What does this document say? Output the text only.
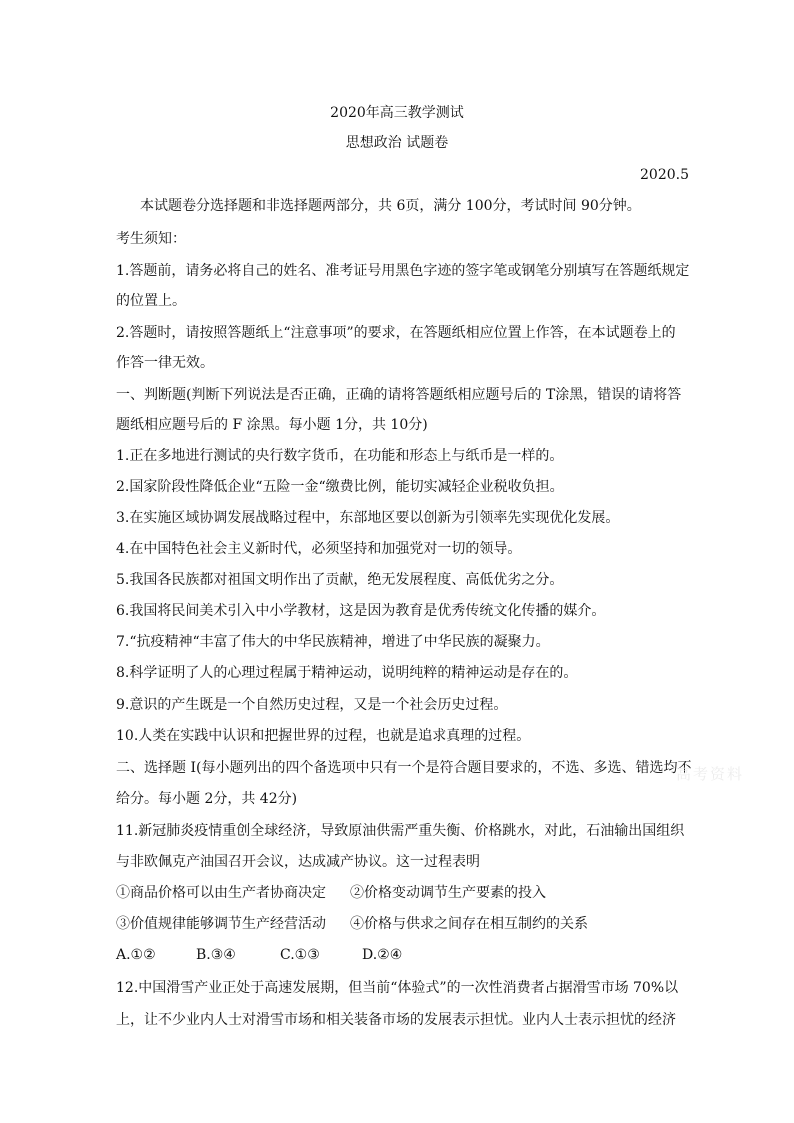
2020年高三教学测试
思想政治 试题卷
2020.5
本试题卷分选择题和非选择题两部分，共 6页，满分 100分，考试时间 90分钟。
考生须知：
1.答题前，请务必将自己的姓名、准考证号用黑色字迹的签字笔或钢笔分别填写在答题纸规定
的位置上。
2.答题时，请按照答题纸上“注意事项”的要求，在答题纸相应位置上作答，在本试题卷上的
作答一律无效。
一、判断题(判断下列说法是否正确，正确的请将答题纸相应题号后的 T涂黑，错误的请将答
题纸相应题号后的 F 涂黑。每小题 1分，共 10分)
1.正在多地进行测试的央行数字货币，在功能和形态上与纸币是一样的。
2.国家阶段性降低企业“五险一金“缴费比例，能切实减轻企业税收负担。
3.在实施区域协调发展战略过程中，东部地区要以创新为引领率先实现优化发展。
4.在中国特色社会主义新时代，必须坚持和加强党对一切的领导。
5.我国各民族都对祖国文明作出了贡献，绝无发展程度、高低优劣之分。
6.我国将民间美术引入中小学教材，这是因为教育是优秀传统文化传播的媒介。
7.“抗疫精神“丰富了伟大的中华民族精神，增进了中华民族的凝聚力。
8.科学证明了人的心理过程属于精神运动，说明纯粹的精神运动是存在的。
9.意识的产生既是一个自然历史过程，又是一个社会历史过程。
10.人类在实践中认识和把握世界的过程，也就是追求真理的过程。
二、选择题 I(每小题列出的四个备选项中只有一个是符合题目要求的，不选、多选、错选均不
给分。每小题 2分，共 42分)
11.新冠肺炎疫情重创全球经济，导致原油供需严重失衡、价格跳水，对此，石油输出国组织
与非欧佩克产油国召开会议，达成减产协议。这一过程表明
①商品价格可以由生产者协商决定 ②价格变动调节生产要素的投入
③价值规律能够调节生产经营活动 ④价格与供求之间存在相互制约的关系
A.①②	B.③④	C.①③	D.②④
12.中国滑雪产业正处于高速发展期，但当前“体验式”的一次性消费者占据滑雪市场 70%以
上，让不少业内人士对滑雪市场和相关装备市场的发展表示担忧。业内人士表示担忧的经济
高考资料
